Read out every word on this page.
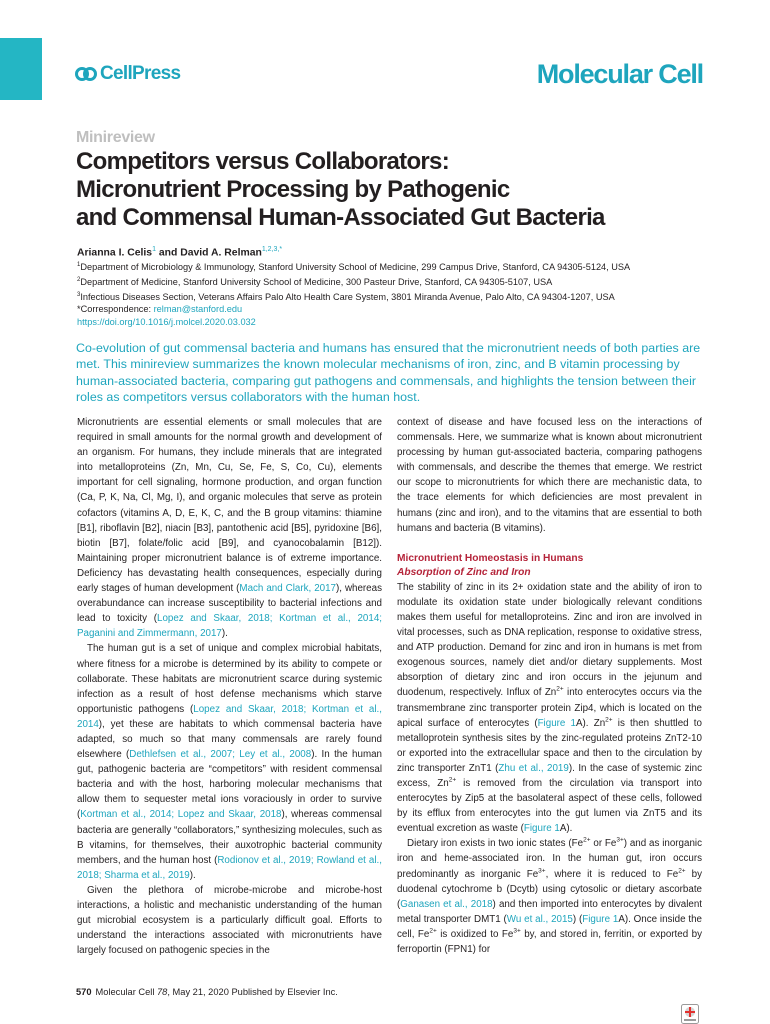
CellPress	Molecular Cell
Minireview
Competitors versus Collaborators:
Micronutrient Processing by Pathogenic
and Commensal Human-Associated Gut Bacteria
Arianna I. Celis$^1$ and David A. Relman$^{1,2,3,*}$
$^1$Department of Microbiology & Immunology, Stanford University School of Medicine, 299 Campus Drive, Stanford, CA 94305-5124, USA
$^2$Department of Medicine, Stanford University School of Medicine, 300 Pasteur Drive, Stanford, CA 94305-5107, USA
$^3$Infectious Diseases Section, Veterans Affairs Palo Alto Health Care System, 3801 Miranda Avenue, Palo Alto, CA 94304-1207, USA
*Correspondence: relman@stanford.edu
https://doi.org/10.1016/j.molcel.2020.03.032

Co-evolution of gut commensal bacteria and humans has ensured that the micronutrient needs of both parties are met. This minireview summarizes the known molecular mechanisms of iron, zinc, and B vitamin processing by human-associated bacteria, comparing gut pathogens and commensals, and highlights the tension between their roles as competitors versus collaborators with the human host.

Micronutrients are essential elements or small molecules that are required in small amounts for the normal growth and development of an organism. For humans, they include minerals that are integrated into metalloproteins (Zn, Mn, Cu, Se, Fe, S, Co, Cu), elements important for cell signaling, hormone production, and organ function (Ca, P, K, Na, Cl, Mg, I), and organic molecules that serve as protein cofactors (vitamins A, D, E, K, C, and the B group vitamins: thiamine [B1], riboflavin [B2], niacin [B3], pantothenic acid [B5], pyridoxine [B6], biotin [B7], folate/folic acid [B9], and cyanocobalamin [B12]). Maintaining proper micronutrient balance is of extreme importance. Deficiency has devastating health consequences, especially during early stages of human development (Mach and Clark, 2017), whereas overabundance can increase susceptibility to bacterial infections and lead to toxicity (Lopez and Skaar, 2018; Kortman et al., 2014; Paganini and Zimmermann, 2017).

The human gut is a set of unique and complex microbial habitats, where fitness for a microbe is determined by its ability to compete or collaborate. These habitats are micronutrient scarce during systemic infection as a result of host defense mechanisms which starve opportunistic pathogens (Lopez and Skaar, 2018; Kortman et al., 2014), yet these are habitats to which commensal bacteria have adapted, so much so that many commensals are rarely found elsewhere (Dethlefsen et al., 2007; Ley et al., 2008). In the human gut, pathogenic bacteria are “competitors” with resident commensal bacteria and with the host, harboring molecular mechanisms that allow them to sequester metal ions voraciously in order to survive (Kortman et al., 2014; Lopez and Skaar, 2018), whereas commensal bacteria are generally “collaborators,” synthesizing molecules, such as B vitamins, for themselves, their auxotrophic bacterial community members, and the human host (Rodionov et al., 2019; Rowland et al., 2018; Sharma et al., 2019).

Given the plethora of microbe-microbe and microbe-host interactions, a holistic and mechanistic understanding of the human gut microbial ecosystem is a particularly difficult goal. Efforts to understand the interactions associated with micronutrients have largely focused on pathogenic species in the

context of disease and have focused less on the interactions of commensals. Here, we summarize what is known about micronutrient processing by human gut-associated bacteria, comparing pathogens with commensals, and describe the themes that emerge. We restrict our scope to micronutrients for which there are mechanistic data, to the trace elements for which deficiencies are most prevalent in humans (zinc and iron), and to the vitamins that are essential to both humans and bacteria (B vitamins).

Micronutrient Homeostasis in Humans
Absorption of Zinc and Iron

The stability of zinc in its 2+ oxidation state and the ability of iron to modulate its oxidation state under biologically relevant conditions makes them useful for metalloproteins. Zinc and iron are involved in vital processes, such as DNA replication, response to oxidative stress, and ATP production. Demand for zinc and iron in humans is met from exogenous sources, namely diet and/or dietary supplements. Most absorption of dietary zinc and iron occurs in the jejunum and duodenum, respectively. Influx of $Zn^{2+}$ into enterocytes occurs via the transmembrane zinc transporter protein Zip4, which is located on the apical surface of enterocytes (Figure 1A). $Zn^{2+}$ is then shuttled to metalloprotein synthesis sites by the zinc-regulated proteins ZnT2-10 or exported into the extracellular space and then to the circulation by zinc transporter ZnT1 (Zhu et al., 2019). In the case of systemic zinc excess, $Zn^{2+}$ is removed from the circulation via transport into enterocytes by Zip5 at the basolateral aspect of these cells, followed by its efflux from enterocytes into the gut lumen via ZnT5 and its eventual excretion as waste (Figure 1A).

Dietary iron exists in two ionic states ($Fe^{2+}$ or $Fe^{3+}$) and as inorganic iron and heme-associated iron. In the human gut, iron occurs predominantly as inorganic $Fe^{3+}$, where it is reduced to $Fe^{2+}$ by duodenal cytochrome b (Dcytb) using cytosolic or dietary ascorbate (Ganasen et al., 2018) and then imported into enterocytes by divalent metal transporter DMT1 (Wu et al., 2015) (Figure 1A). Once inside the cell, $Fe^{2+}$ is oxidized to $Fe^{3+}$ by, and stored in, ferritin, or exported by ferroportin (FPN1) for

570 Molecular Cell 78, May 21, 2020 Published by Elsevier Inc.
